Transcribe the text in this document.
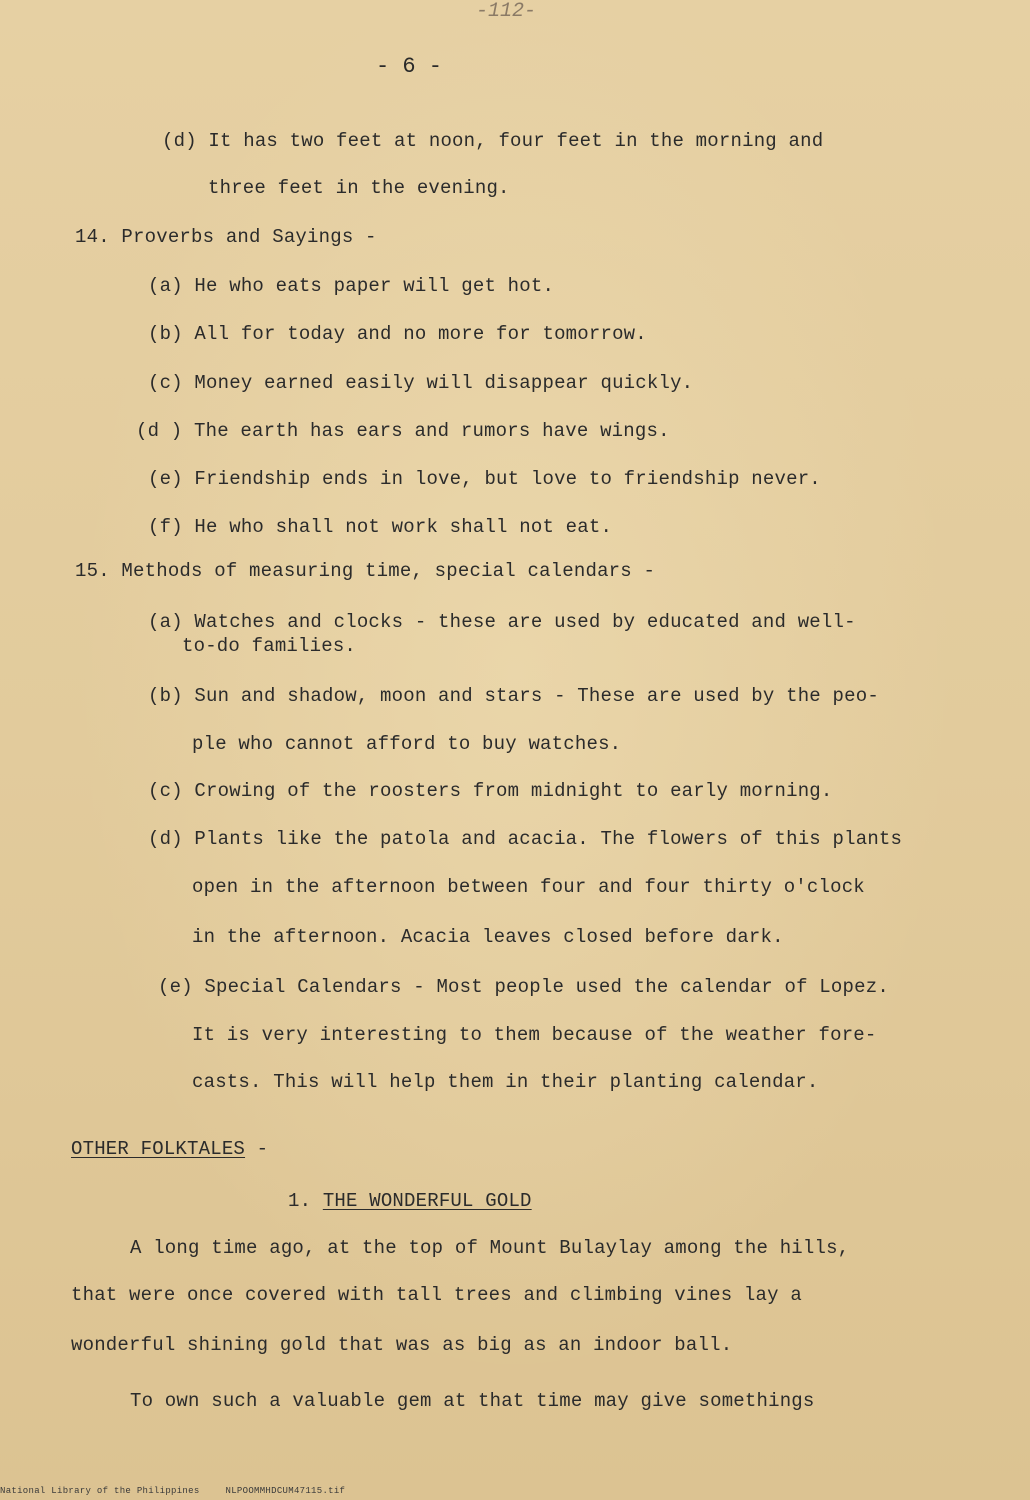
-112-
- 6 -
(d) It has two feet at noon, four feet in the morning and
three feet in the evening.
14. Proverbs and Sayings -
(a) He who eats paper will get hot.
(b) All for today and no more for tomorrow.
(c) Money earned easily will disappear quickly.
(d ) The earth has ears and rumors have wings.
(e) Friendship ends in love, but love to friendship never.
(f) He who shall not work shall not eat.
15. Methods of measuring time, special calendars -
(a) Watches and clocks - these are used by educated and well-
to-do families.
(b) Sun and shadow, moon and stars - These are used by the peo-
ple who cannot afford to buy watches.
(c) Crowing of the roosters from midnight to early morning.
(d) Plants like the patola and acacia. The flowers of this plants
open in the afternoon between four and four thirty o'clock
in the afternoon. Acacia leaves closed before dark.
(e) Special Calendars - Most people used the calendar of Lopez.
It is very interesting to them because of the weather fore-
casts. This will help them in their planting calendar.
OTHER FOLKTALES -
1. THE WONDERFUL GOLD
A long time ago, at the top of Mount Bulaylay among the hills,
that were once covered with tall trees and climbing vines lay a
wonderful shining gold that was as big as an indoor ball.
To own such a valuable gem at that time may give somethings
National Library of the Philippines	NLPOOMMHDCUM47115.tif
